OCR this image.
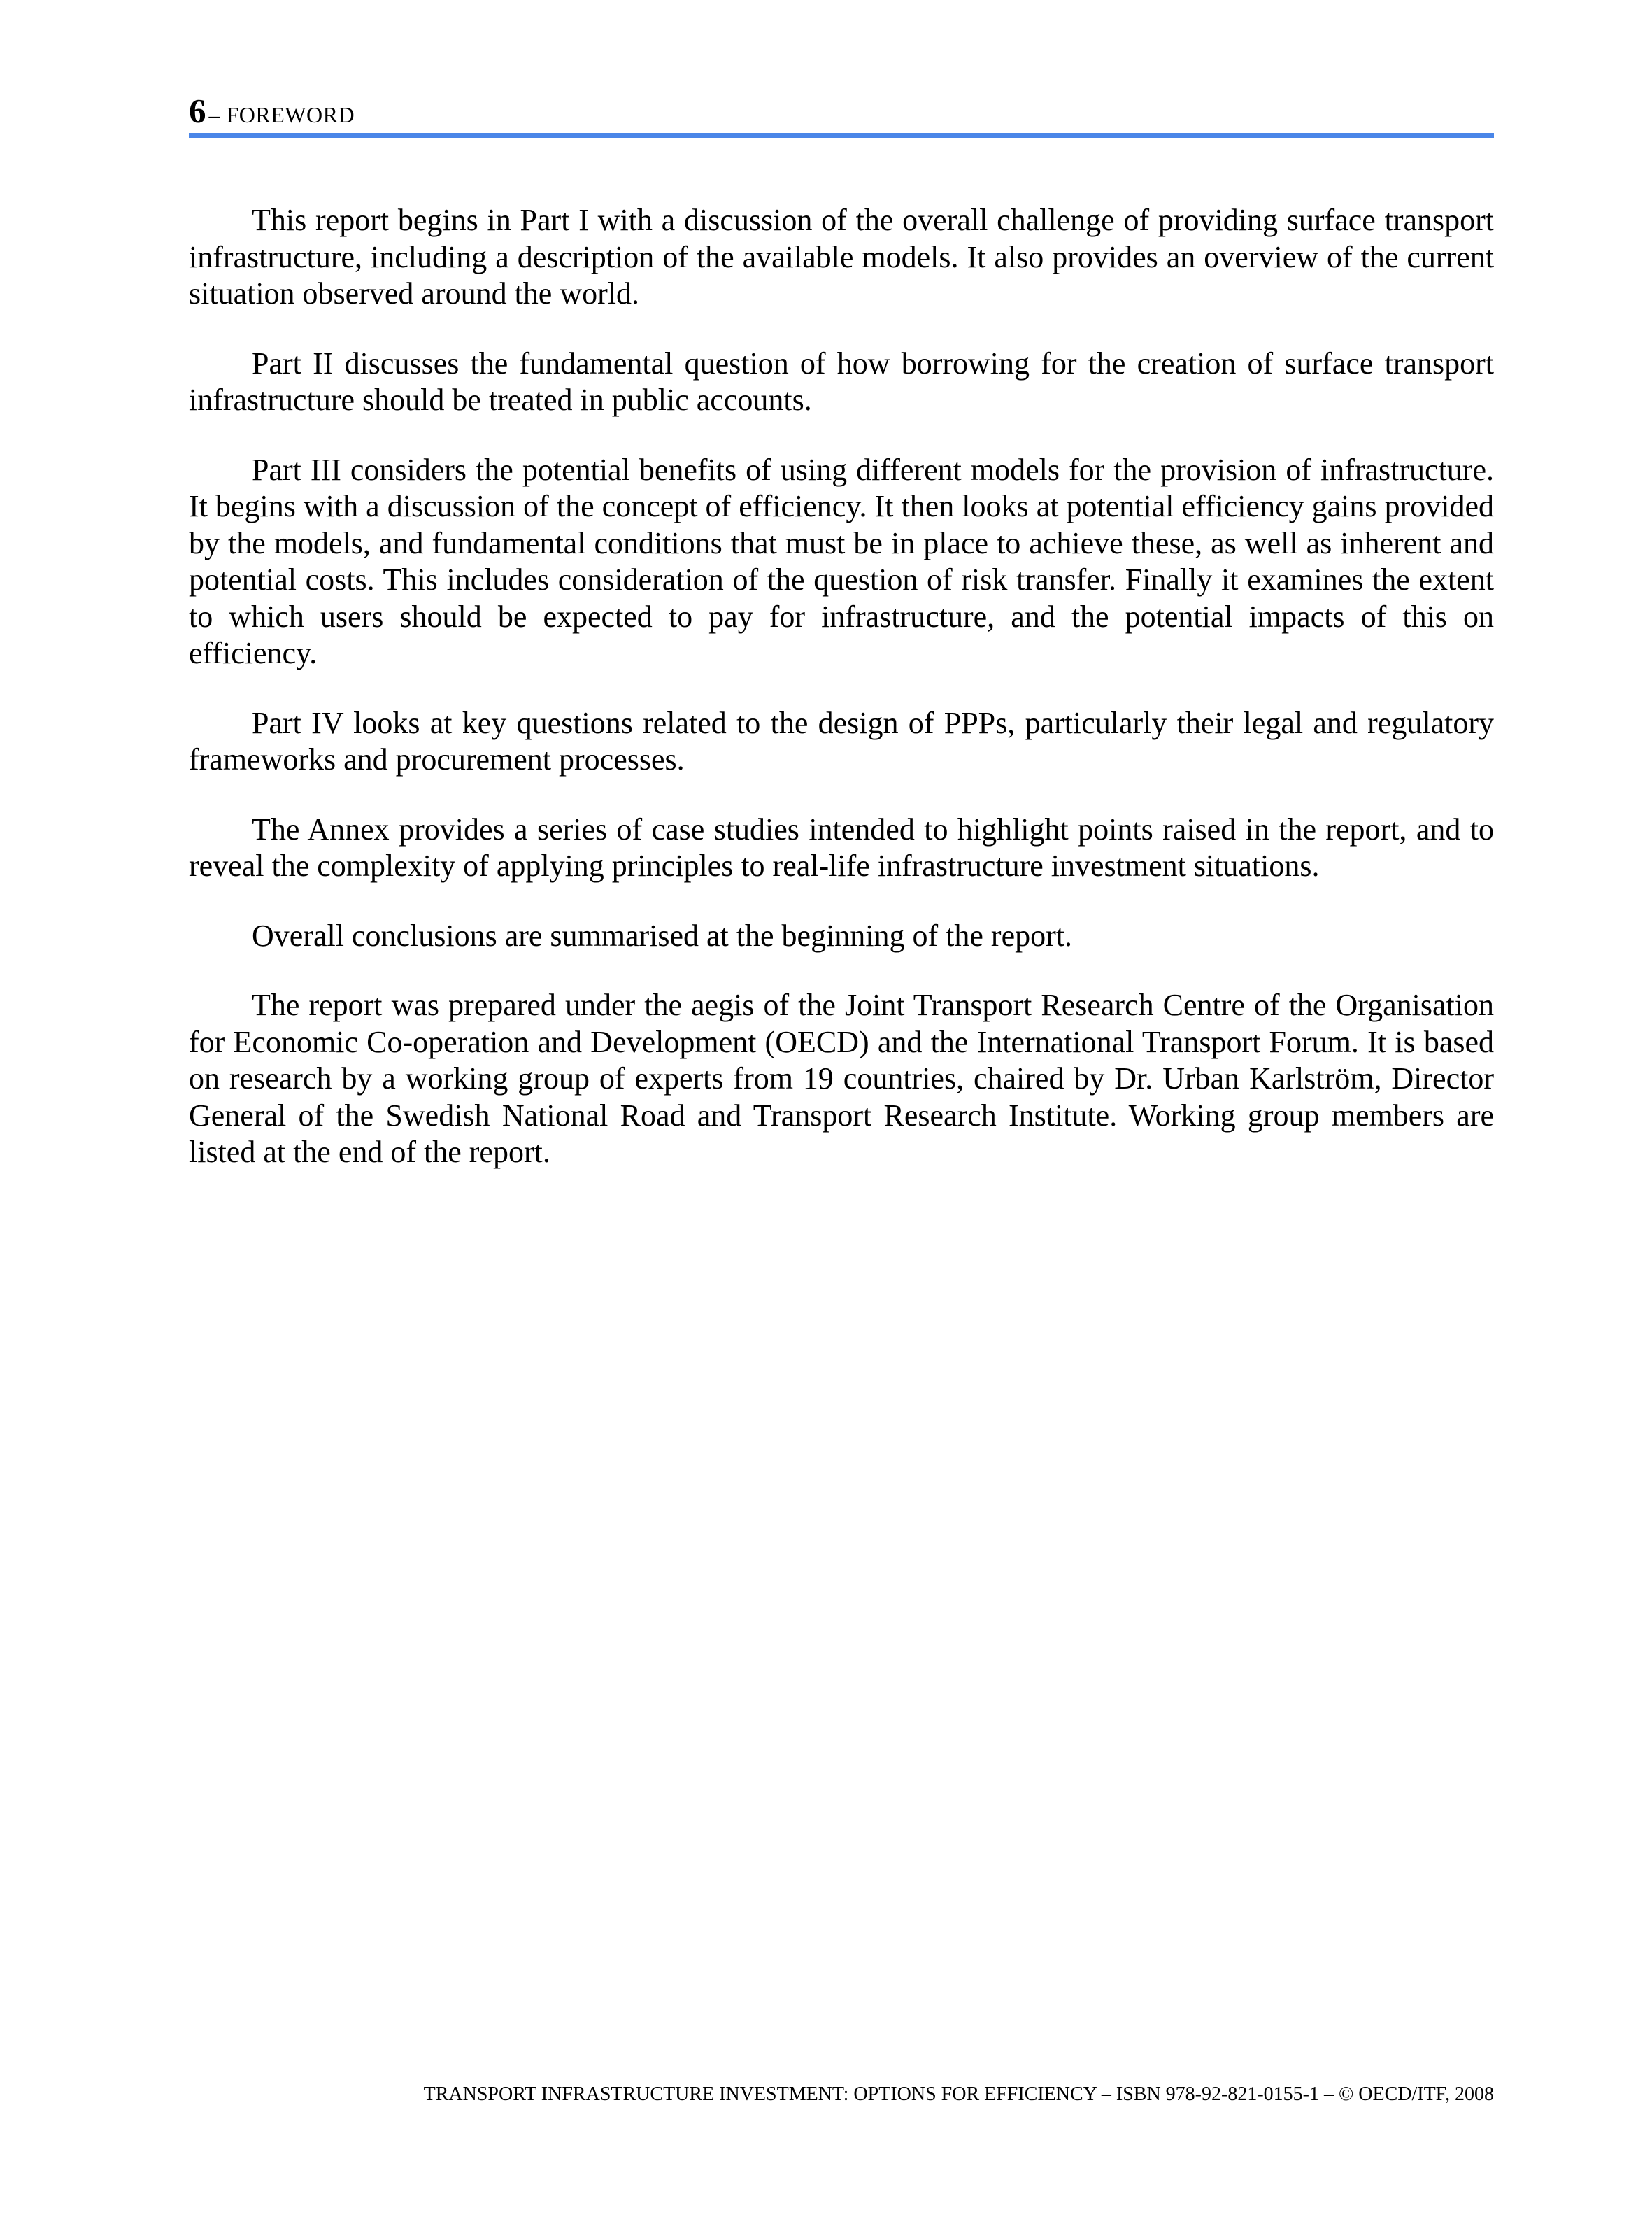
6 – FOREWORD

This report begins in Part I with a discussion of the overall challenge of providing surface transport infrastructure, including a description of the available models. It also provides an overview of the current situation observed around the world.

Part II discusses the fundamental question of how borrowing for the creation of surface transport infrastructure should be treated in public accounts.

Part III considers the potential benefits of using different models for the provision of infrastructure. It begins with a discussion of the concept of efficiency. It then looks at potential efficiency gains provided by the models, and fundamental conditions that must be in place to achieve these, as well as inherent and potential costs. This includes consideration of the question of risk transfer. Finally it examines the extent to which users should be expected to pay for infrastructure, and the potential impacts of this on efficiency.

Part IV looks at key questions related to the design of PPPs, particularly their legal and regulatory frameworks and procurement processes.

The Annex provides a series of case studies intended to highlight points raised in the report, and to reveal the complexity of applying principles to real-life infrastructure investment situations.

Overall conclusions are summarised at the beginning of the report.

The report was prepared under the aegis of the Joint Transport Research Centre of the Organisation for Economic Co-operation and Development (OECD) and the International Transport Forum. It is based on research by a working group of experts from 19 countries, chaired by Dr. Urban Karlström, Director General of the Swedish National Road and Transport Research Institute. Working group members are listed at the end of the report.

TRANSPORT INFRASTRUCTURE INVESTMENT: OPTIONS FOR EFFICIENCY – ISBN 978-92-821-0155-1 – © OECD/ITF, 2008
